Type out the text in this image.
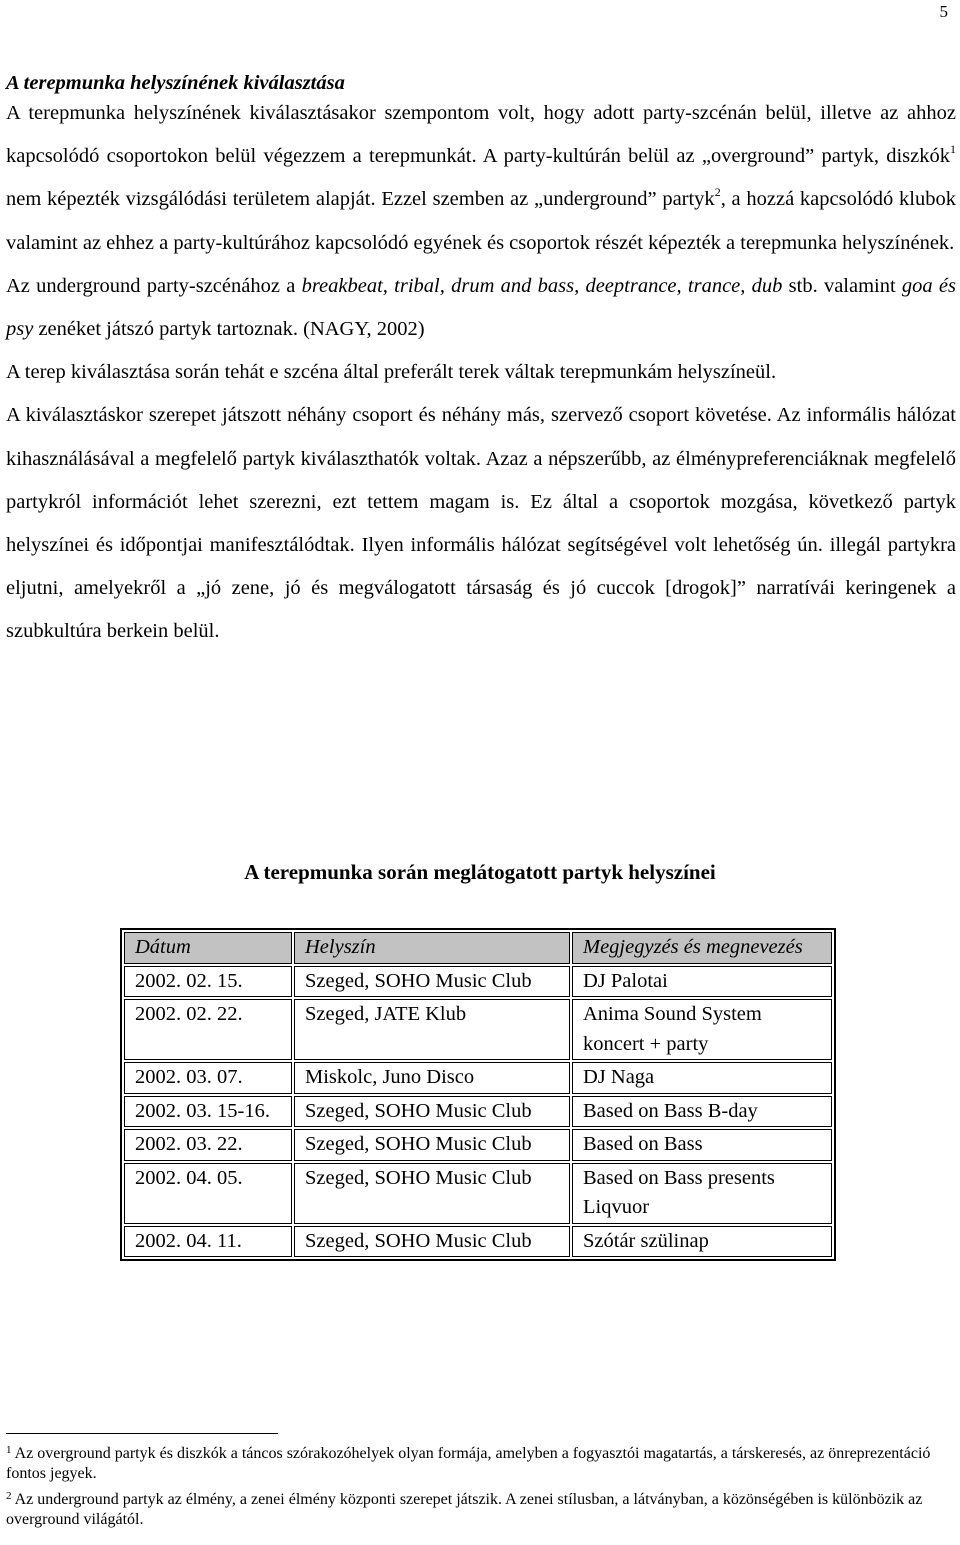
5
A terepmunka helyszínének kiválasztása

A terepmunka helyszínének kiválasztásakor szempontom volt, hogy adott party-szcénán belül, illetve az ahhoz kapcsolódó csoportokon belül végezzem a terepmunkát. A party-kultúrán belül az „overground” partyk, diszkók$^1$ nem képezték vizsgálódási területem alapját. Ezzel szemben az „underground” partyk$^2$, a hozzá kapcsolódó klubok valamint az ehhez a party-kultúrához kapcsolódó egyének és csoportok részét képezték a terepmunka helyszínének.

Az underground party-szcénához a breakbeat, tribal, drum and bass, deeptrance, trance, dub stb. valamint goa és psy zenéket játszó partyk tartoznak. (NAGY, 2002)

A terep kiválasztása során tehát e szcéna által preferált terek váltak terepmunkám helyszíneül.

A kiválasztáskor szerepet játszott néhány csoport és néhány más, szervező csoport követése. Az informális hálózat kihasználásával a megfelelő partyk kiválaszthatók voltak. Azaz a népszerűbb, az élménypreferenciáknak megfelelő partykról információt lehet szerezni, ezt tettem magam is. Ez által a csoportok mozgása, következő partyk helyszínei és időpontjai manifesztálódtak. Ilyen informális hálózat segítségével volt lehetőség ún. illegál partykra eljutni, amelyekről a „jó zene, jó és megválogatott társaság és jó cuccok [drogok]” narratívái keringenek a szubkultúra berkein belül.

A terepmunka során meglátogatott partyk helyszínei
Dátum	Helyszín	Megjegyzés és megnevezés
2002. 02. 15.	Szeged, SOHO Music Club	DJ Palotai
2002. 02. 22.	Szeged, JATE Klub	Anima Sound System koncert + party
2002. 03. 07.	Miskolc, Juno Disco	DJ Naga
2002. 03. 15-16.	Szeged, SOHO Music Club	Based on Bass B-day
2002. 03. 22.	Szeged, SOHO Music Club	Based on Bass
2002. 04. 05.	Szeged, SOHO Music Club	Based on Bass presents Liqvuor
2002. 04. 11.	Szeged, SOHO Music Club	Szótár szülinap

$^1$ Az overground partyk és diszkók a táncos szórakozóhelyek olyan formája, amelyben a fogyasztói magatartás, a társkeresés, az önreprezentáció fontos jegyek.

$^2$ Az underground partyk az élmény, a zenei élmény központi szerepet játszik. A zenei stílusban, a látványban, a közönségében is különbözik az overground világától.
